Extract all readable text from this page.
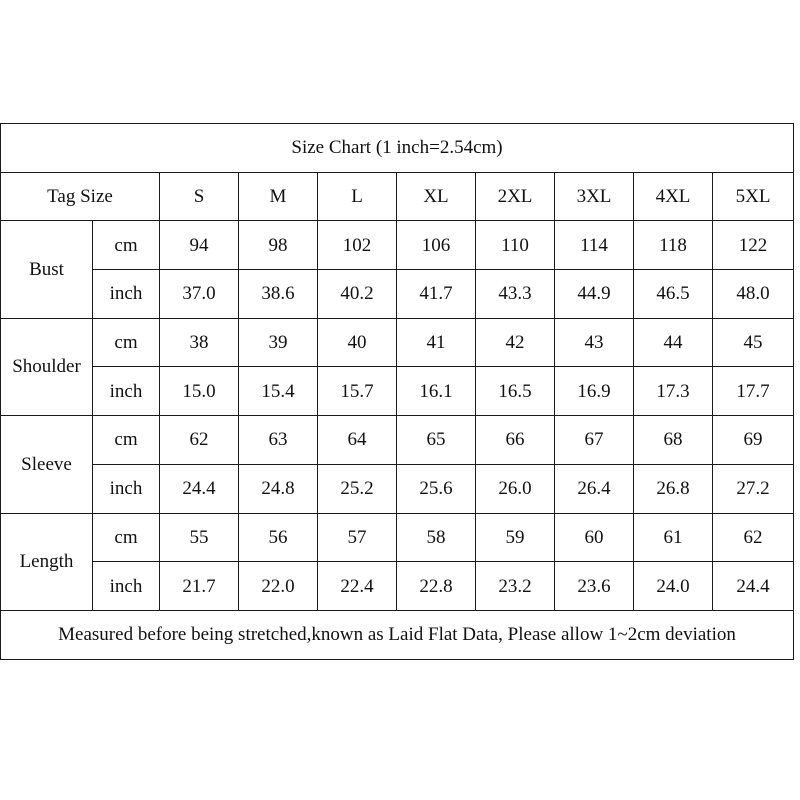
Size Chart (1 inch=2.54cm)									
Tag Size		S	M	L	XL	2XL	3XL	4XL	5XL
Bust	cm	94	98	102	106	110	114	118	122
	inch	37.0	38.6	40.2	41.7	43.3	44.9	46.5	48.0
Shoulder	cm	38	39	40	41	42	43	44	45
	inch	15.0	15.4	15.7	16.1	16.5	16.9	17.3	17.7
Sleeve	cm	62	63	64	65	66	67	68	69
	inch	24.4	24.8	25.2	25.6	26.0	26.4	26.8	27.2
Length	cm	55	56	57	58	59	60	61	62
	inch	21.7	22.0	22.4	22.8	23.2	23.6	24.0	24.4
Measured before being stretched,known as Laid Flat Data, Please allow 1~2cm deviation									
